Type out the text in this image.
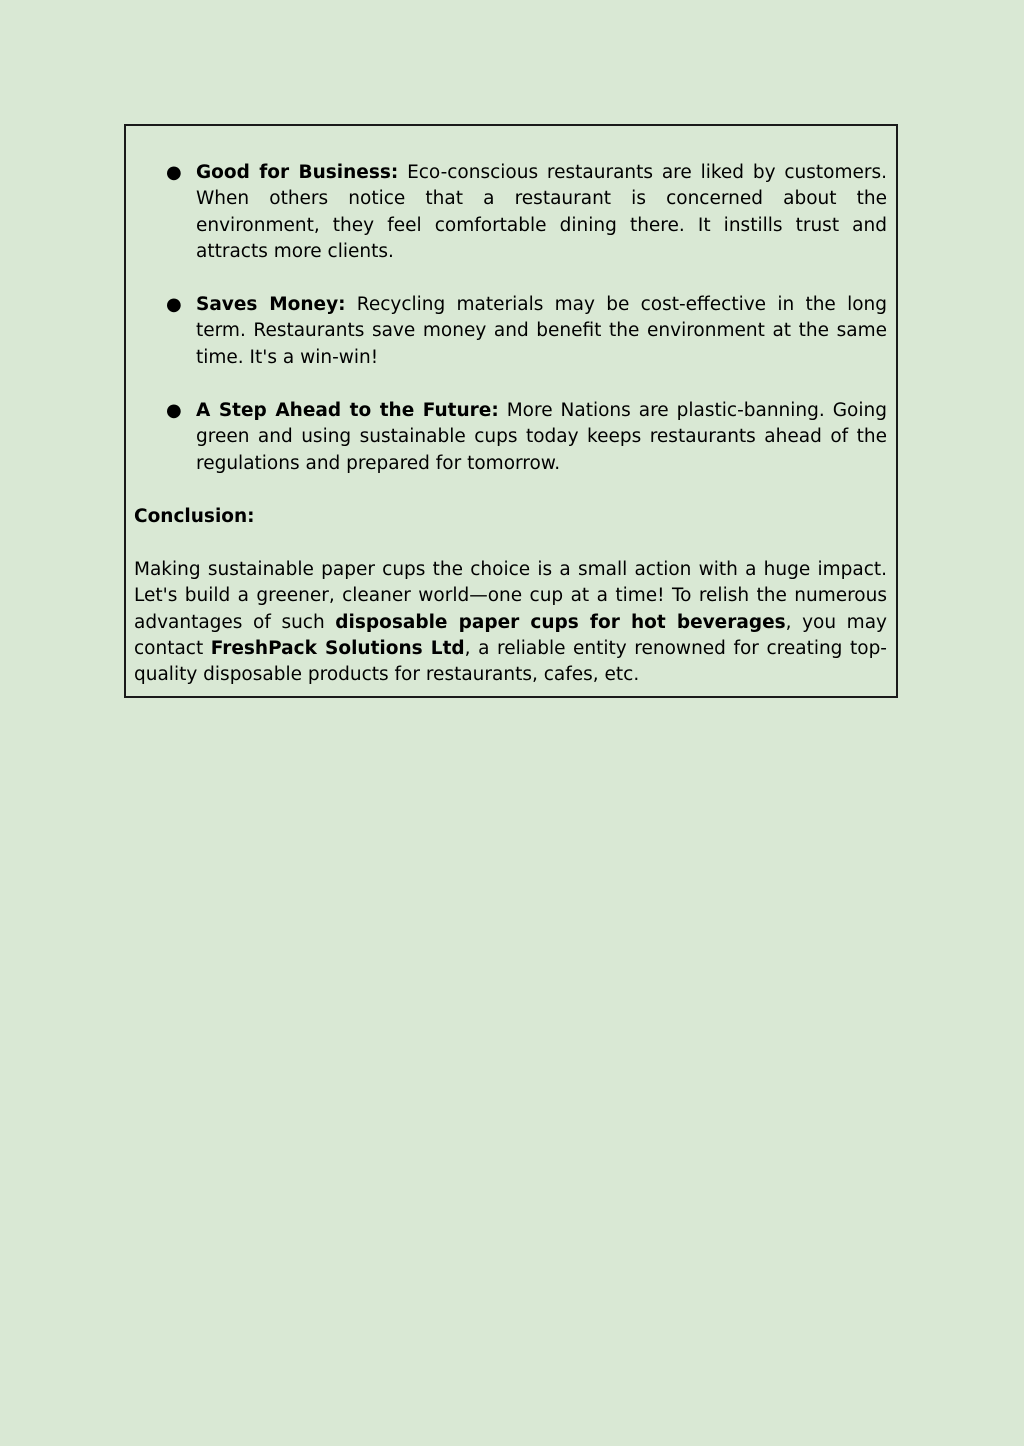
● Good for Business: Eco-conscious restaurants are liked by customers. When others notice that a restaurant is concerned about the environment, they feel comfortable dining there. It instills trust and attracts more clients.
● Saves Money: Recycling materials may be cost-effective in the long term. Restaurants save money and benefit the environment at the same time. It's a win-win!
● A Step Ahead to the Future: More Nations are plastic-banning. Going green and using sustainable cups today keeps restaurants ahead of the regulations and prepared for tomorrow.

Conclusion:

Making sustainable paper cups the choice is a small action with a huge impact. Let's build a greener, cleaner world—one cup at a time! To relish the numerous advantages of such disposable paper cups for hot beverages, you may contact FreshPack Solutions Ltd, a reliable entity renowned for creating top-quality disposable products for restaurants, cafes, etc.
